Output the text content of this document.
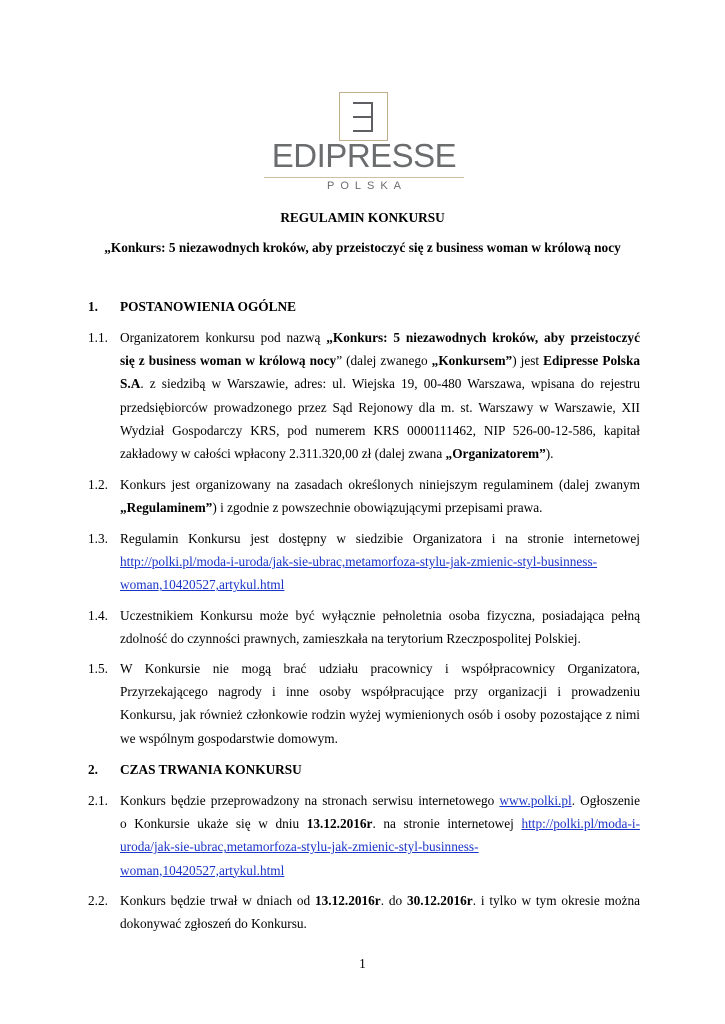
EDIPRESSE
POLSKA
REGULAMIN KONKURSU
„Konkurs: 5 niezawodnych kroków, aby przeistoczyć się z business woman w królową nocy
1. POSTANOWIENIA OGÓLNE
1.1. Organizatorem konkursu pod nazwą „Konkurs: 5 niezawodnych kroków, aby przeistoczyć
się z business woman w królową nocy” (dalej zwanego „Konkursem”) jest Edipresse Polska
S.A. z siedzibą w Warszawie, adres: ul. Wiejska 19, 00-480 Warszawa, wpisana do rejestru
przedsiębiorców prowadzonego przez Sąd Rejonowy dla m. st. Warszawy w Warszawie, XII
Wydział Gospodarczy KRS, pod numerem KRS 0000111462, NIP 526-00-12-586, kapitał
zakładowy w całości wpłacony 2.311.320,00 zł (dalej zwana „Organizatorem”).
1.2. Konkurs jest organizowany na zasadach określonych niniejszym regulaminem (dalej zwanym
„Regulaminem”) i zgodnie z powszechnie obowiązującymi przepisami prawa.
1.3. Regulamin Konkursu jest dostępny w siedzibie Organizatora i na stronie internetowej
http://polki.pl/moda-i-uroda/jak-sie-ubrac,metamorfoza-stylu-jak-zmienic-styl-businness-
woman,10420527,artykul.html
1.4. Uczestnikiem Konkursu może być wyłącznie pełnoletnia osoba fizyczna, posiadająca pełną
zdolność do czynności prawnych, zamieszkała na terytorium Rzeczpospolitej Polskiej.
1.5. W Konkursie nie mogą brać udziału pracownicy i współpracownicy Organizatora,
Przyrzekającego nagrody i inne osoby współpracujące przy organizacji i prowadzeniu
Konkursu, jak również członkowie rodzin wyżej wymienionych osób i osoby pozostające z nimi
we wspólnym gospodarstwie domowym.
2. CZAS TRWANIA KONKURSU
2.1. Konkurs będzie przeprowadzony na stronach serwisu internetowego www.polki.pl. Ogłoszenie
o Konkursie ukaże się w dniu 13.12.2016r. na stronie internetowej http://polki.pl/moda-i-
uroda/jak-sie-ubrac,metamorfoza-stylu-jak-zmienic-styl-businness-
woman,10420527,artykul.html
2.2. Konkurs będzie trwał w dniach od 13.12.2016r. do 30.12.2016r. i tylko w tym okresie można
dokonywać zgłoszeń do Konkursu.
1
